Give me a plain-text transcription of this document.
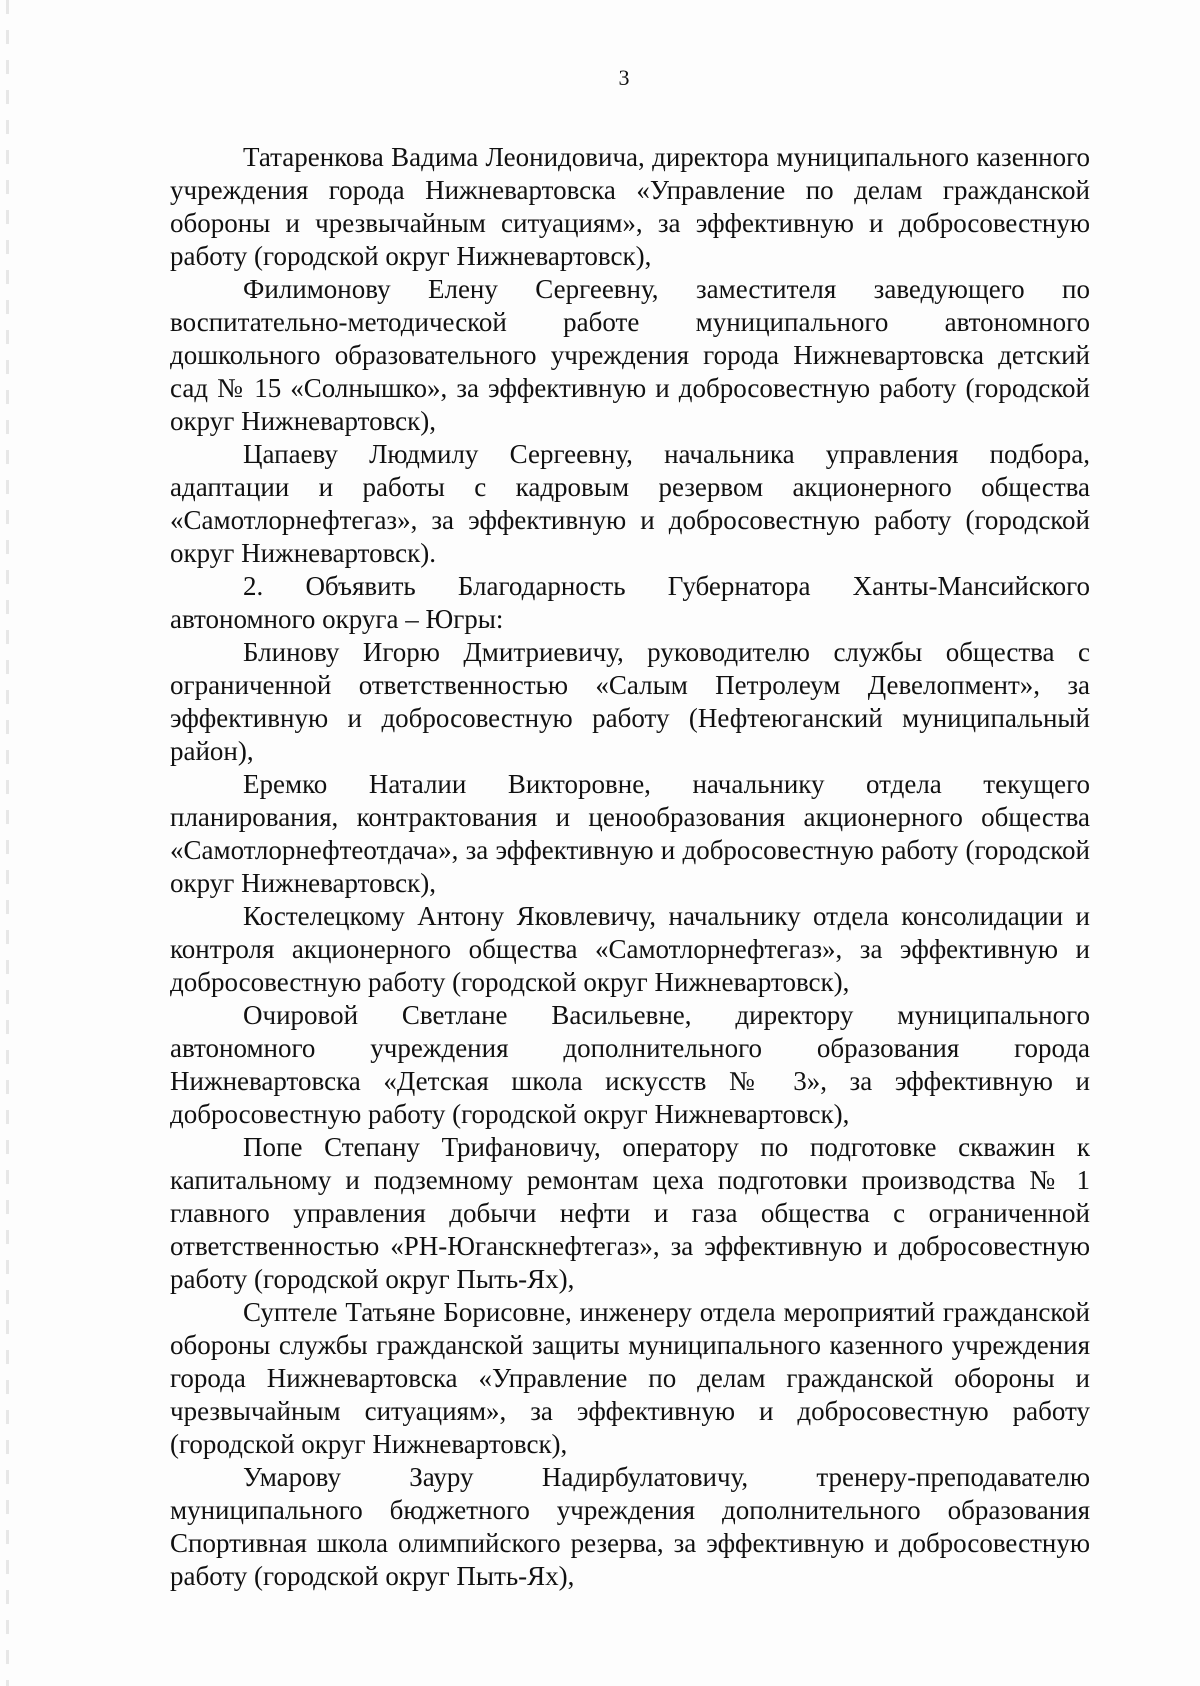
3

Татаренкова Вадима Леонидовича, директора муниципального казенного учреждения города Нижневартовска «Управление по делам гражданской обороны и чрезвычайным ситуациям», за эффективную и добросовестную работу (городской округ Нижневартовск),

Филимонову Елену Сергеевну, заместителя заведующего по воспитательно-методической работе муниципального автономного дошкольного образовательного учреждения города Нижневартовска детский сад № 15 «Солнышко», за эффективную и добросовестную работу (городской округ Нижневартовск),

Цапаеву Людмилу Сергеевну, начальника управления подбора, адаптации и работы с кадровым резервом акционерного общества «Самотлорнефтегаз», за эффективную и добросовестную работу (городской округ Нижневартовск).

2. Объявить Благодарность Губернатора Ханты-Мансийского автономного округа – Югры:

Блинову Игорю Дмитриевичу, руководителю службы общества с ограниченной ответственностью «Салым Петролеум Девелопмент», за эффективную и добросовестную работу (Нефтеюганский муниципальный район),

Еремко Наталии Викторовне, начальнику отдела текущего планирования, контрактования и ценообразования акционерного общества «Самотлорнефтеотдача», за эффективную и добросовестную работу (городской округ Нижневартовск),

Костелецкому Антону Яковлевичу, начальнику отдела консолидации и контроля акционерного общества «Самотлорнефтегаз», за эффективную и добросовестную работу (городской округ Нижневартовск),

Очировой Светлане Васильевне, директору муниципального автономного учреждения дополнительного образования города Нижневартовска «Детская школа искусств № 3», за эффективную и добросовестную работу (городской округ Нижневартовск),

Попе Степану Трифановичу, оператору по подготовке скважин к капитальному и подземному ремонтам цеха подготовки производства № 1 главного управления добычи нефти и газа общества с ограниченной ответственностью «РН-Юганскнефтегаз», за эффективную и добросовестную работу (городской округ Пыть-Ях),

Суптеле Татьяне Борисовне, инженеру отдела мероприятий гражданской обороны службы гражданской защиты муниципального казенного учреждения города Нижневартовска «Управление по делам гражданской обороны и чрезвычайным ситуациям», за эффективную и добросовестную работу (городской округ Нижневартовск),

Умарову Зауру Надирбулатовичу, тренеру-преподавателю муниципального бюджетного учреждения дополнительного образования Спортивная школа олимпийского резерва, за эффективную и добросовестную работу (городской округ Пыть-Ях),
